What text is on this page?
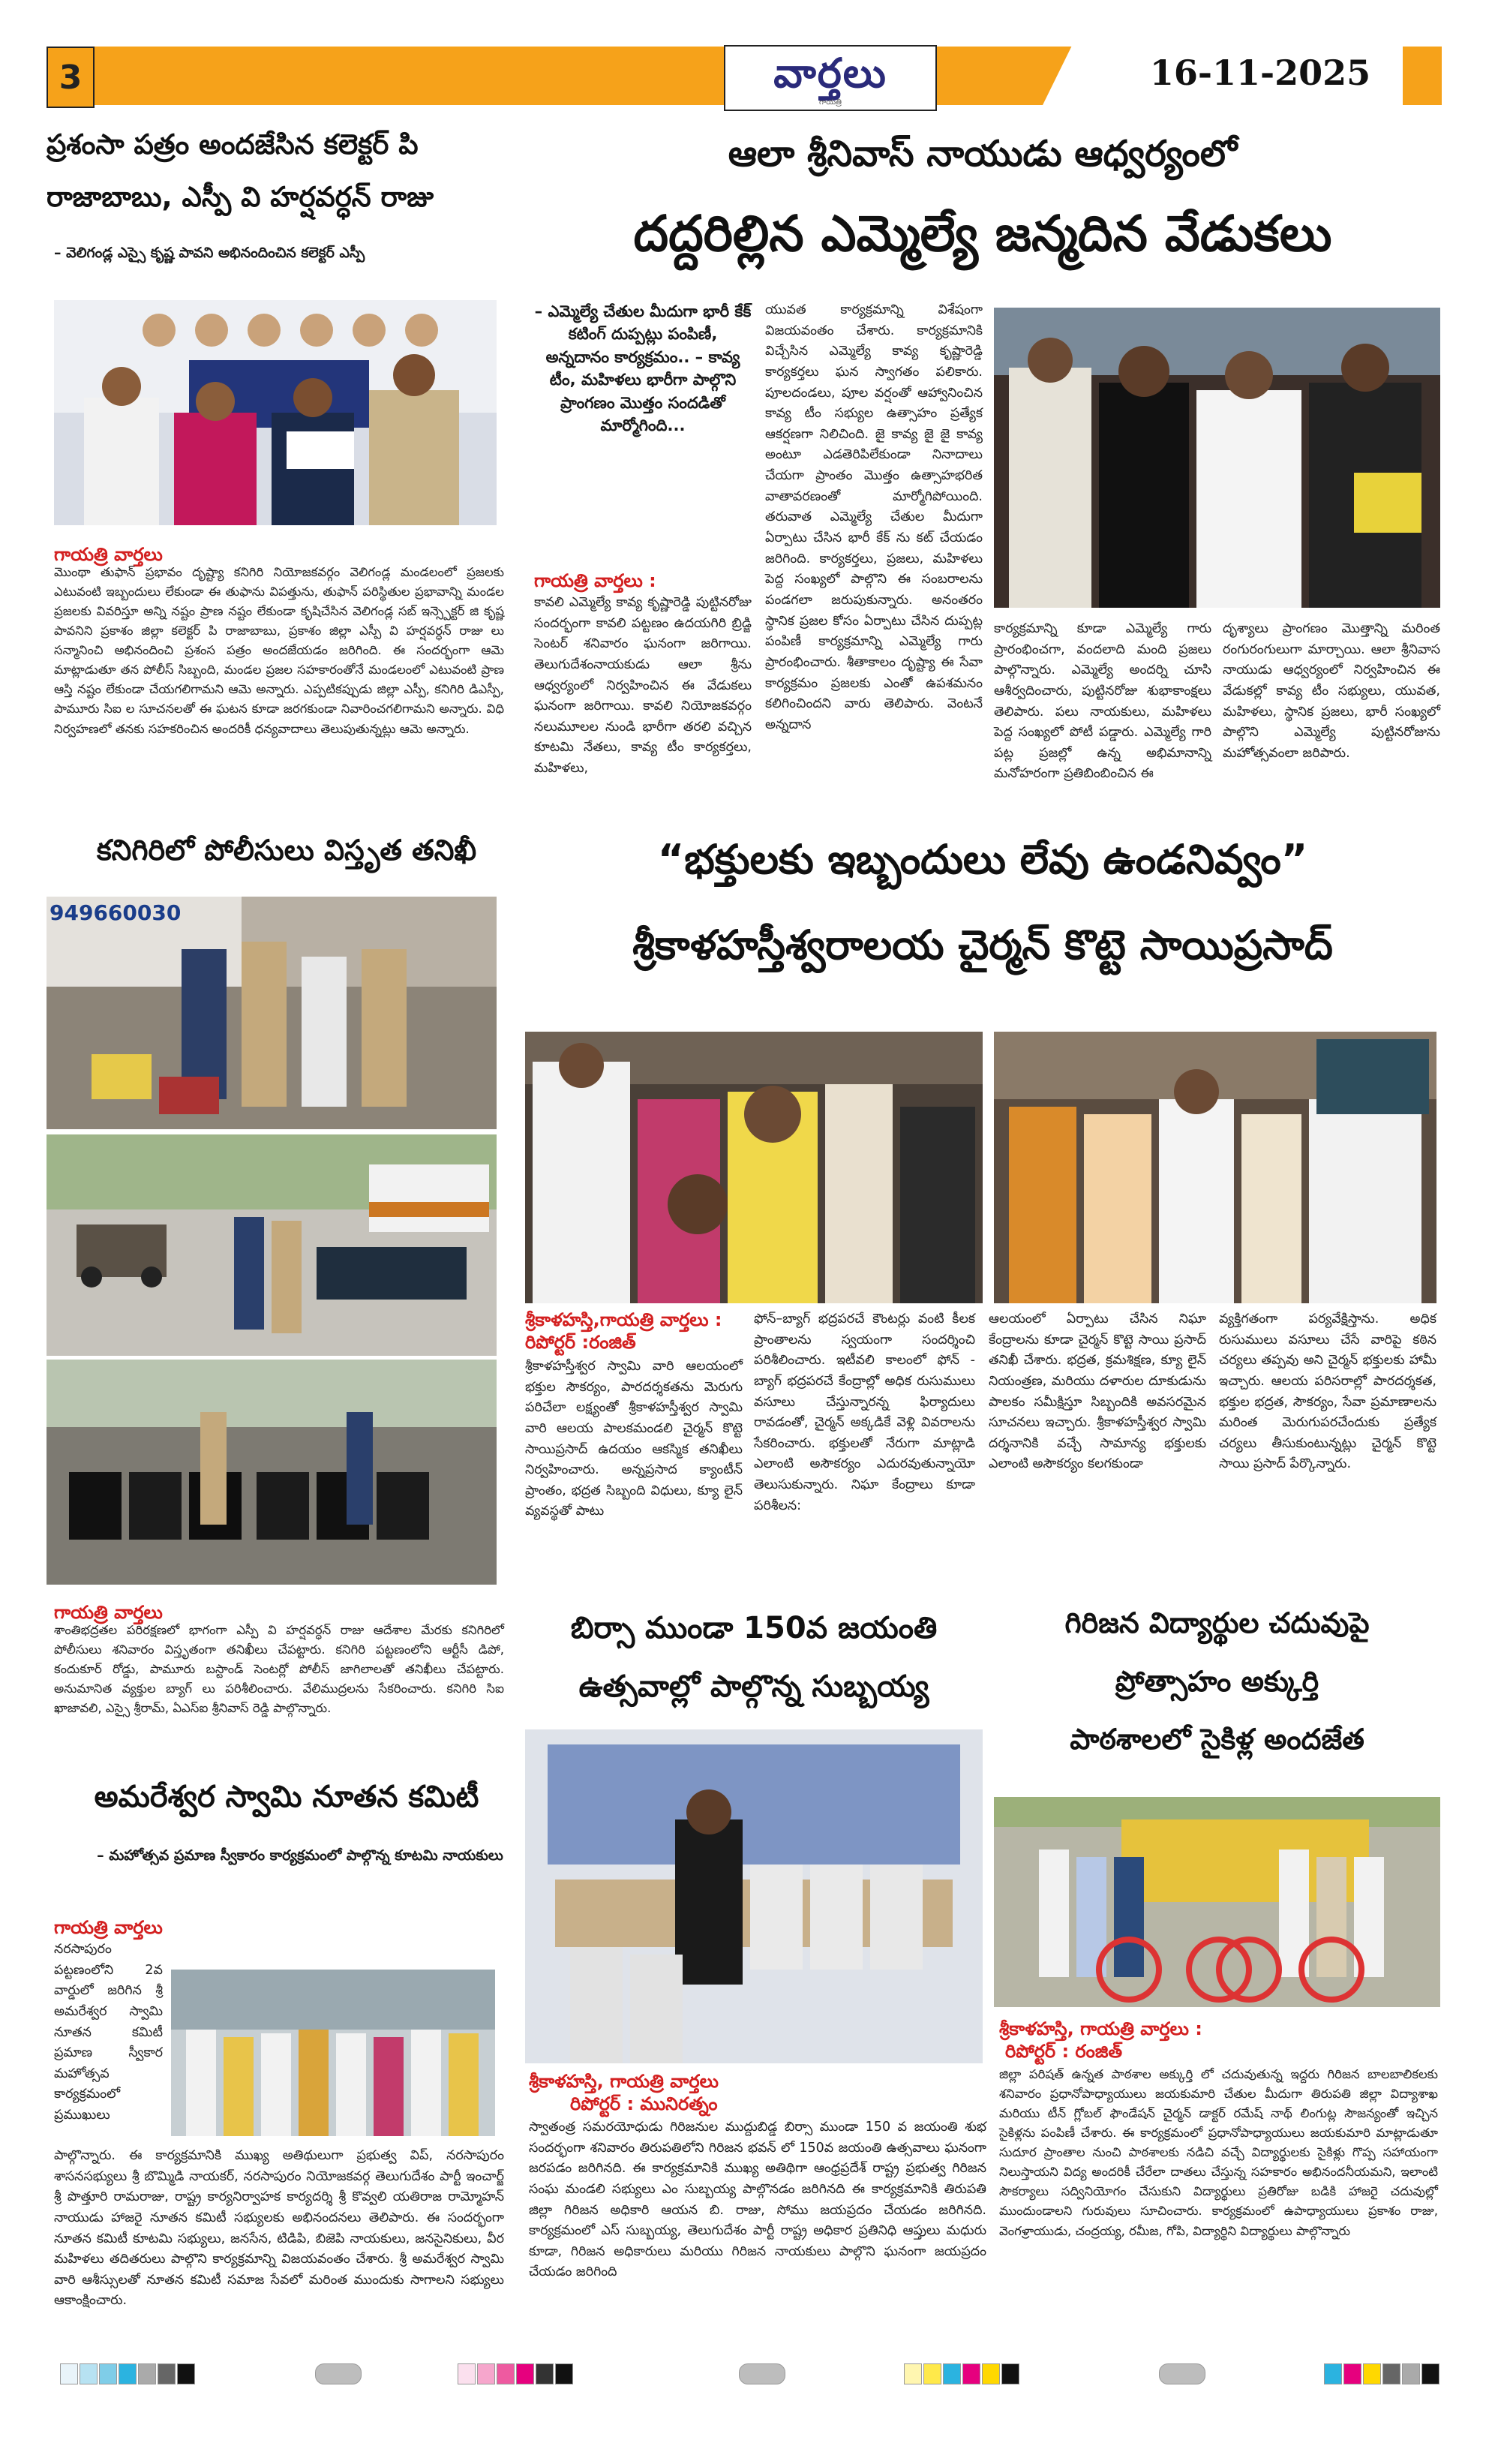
3	వార్తలు
గాయత్రి
16-11-2025
ప్రశంసా పత్రం అందజేసిన కలెక్టర్ పి
రాజాబాబు, ఎస్పీ వి హర్షవర్ధన్ రాజు
– వెలిగండ్ల ఎస్సై కృష్ణ పావని అభినందించిన కలెక్టర్ ఎస్పీ
గాయత్రి వార్తలు
మొంథా తుఫాన్ ప్రభావం దృష్ట్యా కనిగిరి నియోజకవర్గం వెలిగండ్ల మండలంలో ప్రజలకు ఎటువంటి ఇబ్బందులు లేకుండా ఈ తుఫాను విపత్తును, తుఫాన్ పరిస్థితుల ప్రభావాన్ని మండల ప్రజలకు వివరిస్తూ అన్ని నష్టం ప్రాణ నష్టం లేకుండా కృషిచేసిన వెలిగండ్ల సబ్ ఇన్స్పెక్టర్ జి కృష్ణ పావనిని ప్రకాశం జిల్లా కలెక్టర్ పి రాజాబాబు, ప్రకాశం జిల్లా ఎస్పీ వి హర్షవర్ధన్ రాజు లు సన్మానించి అభినందించి ప్రశంస పత్రం అందజేయడం జరిగింది. ఈ సందర్భంగా ఆమె మాట్లాడుతూ తన పోలీస్ సిబ్బంది, మండల ప్రజల సహకారంతోనే మండలంలో ఎటువంటి ప్రాణ ఆస్తి నష్టం లేకుండా చేయగలిగామని ఆమె అన్నారు. ఎప్పటికప్పుడు జిల్లా ఎస్పీ, కనిగిరి డిఎస్పీ, పామూరు సిఐ ల సూచనలతో ఈ ఘటన కూడా జరగకుండా నివారించగలిగామని అన్నారు. విధి నిర్వహణలో తనకు సహకరించిన అందరికీ ధన్యవాదాలు తెలుపుతున్నట్లు ఆమె అన్నారు.
ఆలా శ్రీనివాస్ నాయుడు ఆధ్వర్యంలో
దద్దరిల్లిన ఎమ్మెల్యే జన్మదిన వేడుకలు
– ఎమ్మెల్యే చేతుల మీదుగా భారీ కేక్ కటింగ్ దుప్పట్లు పంపిణీ, అన్నదానం కార్యక్రమం.. – కావ్య టీం, మహిళలు భారీగా పాల్గొని ప్రాంగణం మొత్తం సందడితో మార్మోగింది...
గాయత్రి వార్తలు :
కావలి ఎమ్మెల్యే కావ్య కృష్ణారెడ్డి పుట్టినరోజు సందర్భంగా కావలి పట్టణం ఉదయగిరి బ్రిడ్జి సెంటర్ శనివారం ఘనంగా జరిగాయి. తెలుగుదేశంనాయకుడు ఆలా శ్రీను ఆధ్వర్యంలో నిర్వహించిన ఈ వేడుకలు ఘనంగా జరిగాయి. కావలి నియోజకవర్గం నలుమూలల నుండి భారీగా తరలి వచ్చిన కూటమి నేతలు, కావ్య టీం కార్యకర్తలు, మహిళలు,
యువత కార్యక్రమాన్ని విశేషంగా విజయవంతం చేశారు. కార్యక్రమానికి విచ్చేసిన ఎమ్మెల్యే కావ్య కృష్ణారెడ్డి కార్యకర్తలు ఘన స్వాగతం పలికారు. పూలదండలు, పూల వర్షంతో ఆహ్వానించిన కావ్య టీం సభ్యుల ఉత్సాహం ప్రత్యేక ఆకర్షణగా నిలిచింది. జై కావ్య జై జై కావ్య అంటూ ఎడతెరిపిలేకుండా నినాదాలు చేయగా ప్రాంతం మొత్తం ఉత్సాహభరిత వాతావరణంతో మార్మోగిపోయింది. తరువాత ఎమ్మెల్యే చేతుల మీదుగా ఏర్పాటు చేసిన భారీ కేక్ ను కట్ చేయడం జరిగింది. కార్యకర్తలు, ప్రజలు, మహిళలు పెద్ద సంఖ్యలో పాల్గొని ఈ సంబరాలను పండగలా జరుపుకున్నారు. అనంతరం స్థానిక ప్రజల కోసం ఏర్పాటు చేసిన దుప్పట్ల పంపిణీ కార్యక్రమాన్ని ఎమ్మెల్యే గారు ప్రారంభించారు. శీతాకాలం దృష్ట్యా ఈ సేవా కార్యక్రమం ప్రజలకు ఎంతో ఉపశమనం కలిగించిందని వారు తెలిపారు. వెంటనే అన్నదాన
కార్యక్రమాన్ని కూడా ఎమ్మెల్యే గారు ప్రారంభించగా, వందలాది మంది ప్రజలు పాల్గొన్నారు. ఎమ్మెల్యే అందర్ని చూసి ఆశీర్వదించారు, పుట్టినరోజు శుభాకాంక్షలు తెలిపారు. పలు నాయకులు, మహిళలు పెద్ద సంఖ్యలో పోటీ పడ్డారు. ఎమ్మెల్యే గారి పట్ల ప్రజల్లో ఉన్న అభిమానాన్ని మనోహరంగా ప్రతిబింబించిన ఈ
దృశ్యాలు ప్రాంగణం మొత్తాన్ని మరింత రంగురంగులుగా మార్చాయి. ఆలా శ్రీనివాస నాయుడు ఆధ్వర్యంలో నిర్వహించిన ఈ వేడుకల్లో కావ్య టీం సభ్యులు, యువత, మహిళలు, స్థానిక ప్రజలు, భారీ సంఖ్యలో పాల్గొని ఎమ్మెల్యే పుట్టినరోజును మహోత్సవంలా జరిపారు.
కనిగిరిలో పోలీసులు విస్తృత తనిఖీ
949660030
గాయత్రి వార్తలు
శాంతిభద్రతల పరిరక్షణలో భాగంగా ఎస్పీ వి హర్షవర్ధన్ రాజు ఆదేశాల మేరకు కనిగిరిలో పోలీసులు శనివారం విస్తృతంగా తనిఖీలు చేపట్టారు. కనిగిరి పట్టణంలోని ఆర్టీసీ డిపో, కందుకూర్ రోడ్డు, పామూరు బస్టాండ్ సెంటర్లో పోలీస్ జాగిలాలతో తనిఖీలు చేపట్టారు. అనుమానిత వ్యక్తుల బ్యాగ్ లు పరిశీలించారు. వేలిముద్రలను సేకరించారు. కనిగిరి సిఐ ఖాజావలి, ఎస్సై శ్రీరామ్, ఏఎస్ఐ శ్రీనివాస్ రెడ్డి పాల్గొన్నారు.
“భక్తులకు ఇబ్బందులు లేవు ఉండనివ్వం”
శ్రీకాళహస్తీశ్వరాలయ చైర్మన్ కొట్టె సాయిప్రసాద్
శ్రీకాళహస్తి,గాయత్రి వార్తలు :
రిపోర్టర్ :రంజిత్
శ్రీకాళహస్తీశ్వర స్వామి వారి ఆలయంలో భక్తుల సౌకర్యం, పారదర్శకతను మెరుగు పరిచేలా లక్ష్యంతో శ్రీకాళహస్తీశ్వర స్వామి వారి ఆలయ పాలకమండలి చైర్మన్ కొట్టె సాయిప్రసాద్ ఉదయం ఆకస్మిక తనిఖీలు నిర్వహించారు. అన్నప్రసాద క్యాంటీన్ ప్రాంతం, భద్రత సిబ్బంది విధులు, క్యూ లైన్ వ్యవస్థతో పాటు
ఫోన్–బ్యాగ్ భద్రపరచే కౌంటర్లు వంటి కీలక ప్రాంతాలను స్వయంగా సందర్శించి పరిశీలించారు. ఇటీవలి కాలంలో ఫోన్ - బ్యాగ్ భద్రపరచే కేంద్రాల్లో అధిక రుసుములు వసూలు చేస్తున్నారన్న ఫిర్యాదులు రావడంతో, చైర్మన్ అక్కడికే వెళ్లి వివరాలను సేకరించారు. భక్తులతో నేరుగా మాట్లాడి ఎలాంటి అసౌకర్యం ఎదురవుతున్నాయో తెలుసుకున్నారు. నిఘా కేంద్రాలు కూడా పరిశీలన:
ఆలయంలో ఏర్పాటు చేసిన నిఘా కేంద్రాలను కూడా చైర్మన్ కొట్టె సాయి ప్రసాద్ తనిఖీ చేశారు. భద్రత, క్రమశిక్షణ, క్యూ లైన్ నియంత్రణ, మరియు దళారుల దూకుడును పాలకం సమీక్షిస్తూ సిబ్బందికి అవసరమైన సూచనలు ఇచ్చారు. శ్రీకాళహస్తీశ్వర స్వామి దర్శనానికి వచ్చే సామాన్య భక్తులకు ఎలాంటి అసౌకర్యం కలగకుండా
వ్యక్తిగతంగా పర్యవేక్షిస్తాను. అధిక రుసుములు వసూలు చేసే వారిపై కఠిన చర్యలు తప్పవు అని చైర్మన్ భక్తులకు హామీ ఇచ్చారు. ఆలయ పరిసరాల్లో పారదర్శకత, భక్తుల భద్రత, సౌకర్యం, సేవా ప్రమాణాలను మరింత మెరుగుపరచేందుకు ప్రత్యేక చర్యలు తీసుకుంటున్నట్లు చైర్మన్ కొట్టె సాయి ప్రసాద్ పేర్కొన్నారు.
అమరేశ్వర స్వామి నూతన కమిటీ
– మహోత్సవ ప్రమాణ స్వీకారం కార్యక్రమంలో పాల్గొన్న కూటమి నాయకులు
గాయత్రి వార్తలు
నరసాపురం పట్టణంలోని 2వ వార్డులో జరిగిన శ్రీ అమరేశ్వర స్వామి నూతన కమిటీ ప్రమాణ స్వీకార మహోత్సవ కార్యక్రమంలో ప్రముఖులు
పాల్గొన్నారు. ఈ కార్యక్రమానికి ముఖ్య అతిథులుగా ప్రభుత్వ విప్, నరసాపురం శాసనసభ్యులు శ్రీ బొమ్మిడి నాయకర్, నరసాపురం నియోజకవర్గ తెలుగుదేశం పార్టీ ఇంచార్జ్ శ్రీ పొత్తూరి రామరాజు, రాష్ట్ర కార్యనిర్వాహక కార్యదర్శి శ్రీ కొవ్వలి యతిరాజ రామ్మోహన్ నాయుడు హాజరై నూతన కమిటీ సభ్యులకు అభినందనలు తెలిపారు. ఈ సందర్భంగా నూతన కమిటీ కూటమి సభ్యులు, జనసేన, టిడిపి, బిజెపి నాయకులు, జనసైనికులు, వీర మహిళలు తదితరులు పాల్గొని కార్యక్రమాన్ని విజయవంతం చేశారు. శ్రీ అమరేశ్వర స్వామి వారి ఆశీస్సులతో నూతన కమిటీ సమాజ సేవలో మరింత ముందుకు సాగాలని సభ్యులు ఆకాంక్షించారు.
బిర్సా ముండా 150వ జయంతి
ఉత్సవాల్లో పాల్గొన్న సుబ్బయ్య
శ్రీకాళహస్తి, గాయత్రి వార్తలు
రిపోర్టర్ : మునిరత్నం
స్వాతంత్ర సమరయోధుడు గిరిజనుల ముద్దుబిడ్డ బిర్సా ముండా 150 వ జయంతి శుభ సందర్భంగా శనివారం తిరుపతిలోని గిరిజన భవన్ లో 150వ జయంతి ఉత్సవాలు ఘనంగా జరపడం జరిగినది. ఈ కార్యక్రమానికి ముఖ్య అతిథిగా ఆంధ్రప్రదేశ్ రాష్ట్ర ప్రభుత్వ గిరిజన సంఘ మండలి సభ్యులు ఎం సుబ్బయ్య పాల్గొనడం జరిగినది ఈ కార్యక్రమానికి తిరుపతి జిల్లా గిరిజన అధికారి ఆయన బి. రాజు, సోము జయప్రదం చేయడం జరిగినది. కార్యక్రమంలో ఎస్ సుబ్బయ్య, తెలుగుదేశం పార్టీ రాష్ట్ర అధికార ప్రతినిధి ఆప్తులు మధురు కూడా, గిరిజన అధికారులు మరియు గిరిజన నాయకులు పాల్గొని ఘనంగా జయప్రదం చేయడం జరిగింది
గిరిజన విద్యార్థుల చదువుపై
ప్రోత్సాహం అక్కుర్తి
పాఠశాలలో సైకిళ్ల అందజేత
శ్రీకాళహస్తి, గాయత్రి వార్తలు :
రిపోర్టర్ : రంజిత్
జిల్లా పరిషత్ ఉన్నత పాఠశాల అక్కుర్తి లో చదువుతున్న ఇద్దరు గిరిజన బాలబాలికలకు శనివారం ప్రధానోపాధ్యాయులు జయకుమారి చేతుల మీదుగా తిరుపతి జిల్లా విద్యాశాఖ మరియు టీన్ గ్లోబల్ ఫౌండేషన్ చైర్మన్ డాక్టర్ రమేష్ నాథ్ లింగుట్ల సౌజన్యంతో ఇచ్చిన సైకిళ్లను పంపిణీ చేశారు. ఈ కార్యక్రమంలో ప్రధానోపాధ్యాయులు జయకుమారి మాట్లాడుతూ సుదూర ప్రాంతాల నుంచి పాఠశాలకు నడిచి వచ్చే విద్యార్థులకు సైకిళ్లు గొప్ప సహాయంగా నిలుస్తాయని విద్య అందరికీ చేరేలా దాతలు చేస్తున్న సహకారం అభినందనీయమని, ఇలాంటి సౌకర్యాలు సద్వినియోగం చేసుకుని విద్యార్థులు ప్రతిరోజు బడికి హాజరై చదువుల్లో ముందుండాలని గురువులు సూచించారు. కార్యక్రమంలో ఉపాధ్యాయులు ప్రకాశం రాజు, వెంగళ్రాయుడు, చంద్రయ్య, రమీజ, గోపి, విద్యార్థిని విద్యార్థులు పాల్గొన్నారు
